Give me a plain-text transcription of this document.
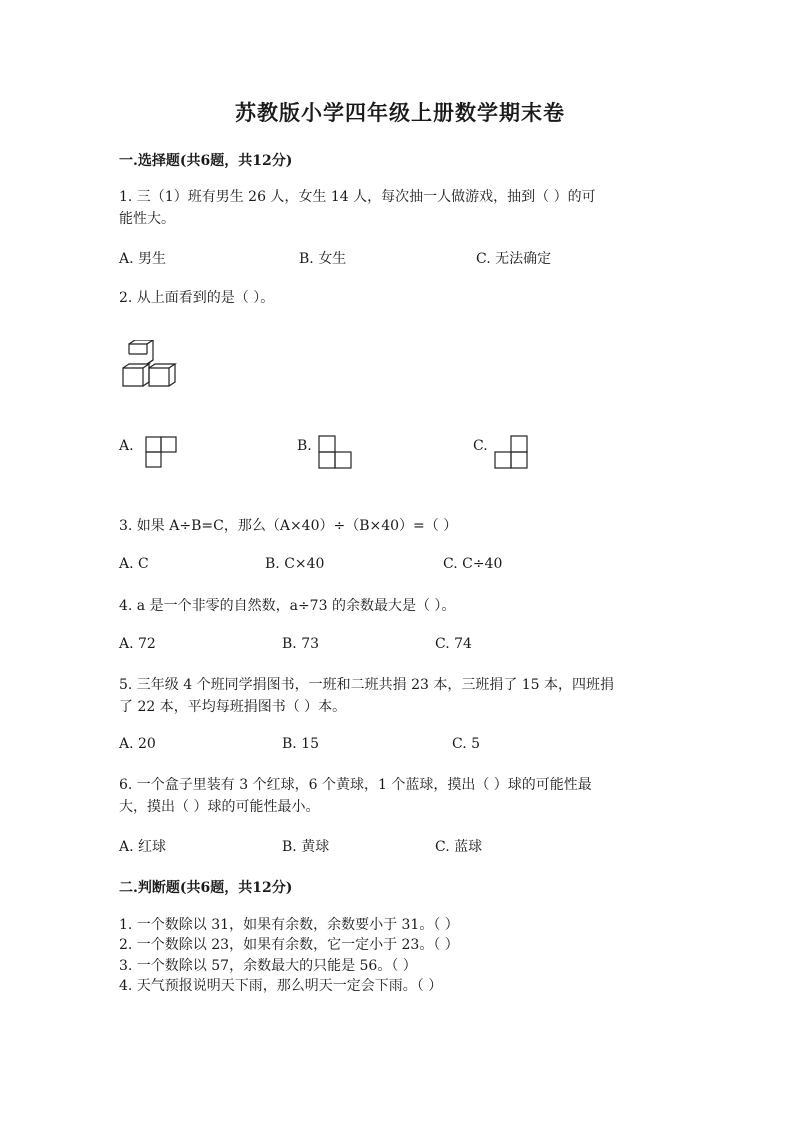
苏教版小学四年级上册数学期末卷
一.选择题(共6题，共12分)
1. 三（1）班有男生 26 人，女生 14 人，每次抽一人做游戏，抽到（ ）的可
能性大。
A. 男生	B. 女生	C. 无法确定
2. 从上面看到的是（ ）。
A.	B.	C.
3. 如果 A÷B=C，那么（A×40）÷（B×40）=（ ）
A. C	B. C×40	C. C÷40
4. a 是一个非零的自然数，a÷73 的余数最大是（ ）。
A. 72	B. 73	C. 74
5. 三年级 4 个班同学捐图书，一班和二班共捐 23 本，三班捐了 15 本，四班捐
了 22 本，平均每班捐图书（ ）本。
A. 20	B. 15	C. 5
6. 一个盒子里装有 3 个红球，6 个黄球，1 个蓝球，摸出（ ）球的可能性最
大，摸出（ ）球的可能性最小。
A. 红球	B. 黄球	C. 蓝球
二.判断题(共6题，共12分)
1. 一个数除以 31，如果有余数，余数要小于 31。（ ）
2. 一个数除以 23，如果有余数，它一定小于 23。（ ）
3. 一个数除以 57，余数最大的只能是 56。（ ）
4. 天气预报说明天下雨，那么明天一定会下雨。（ ）
